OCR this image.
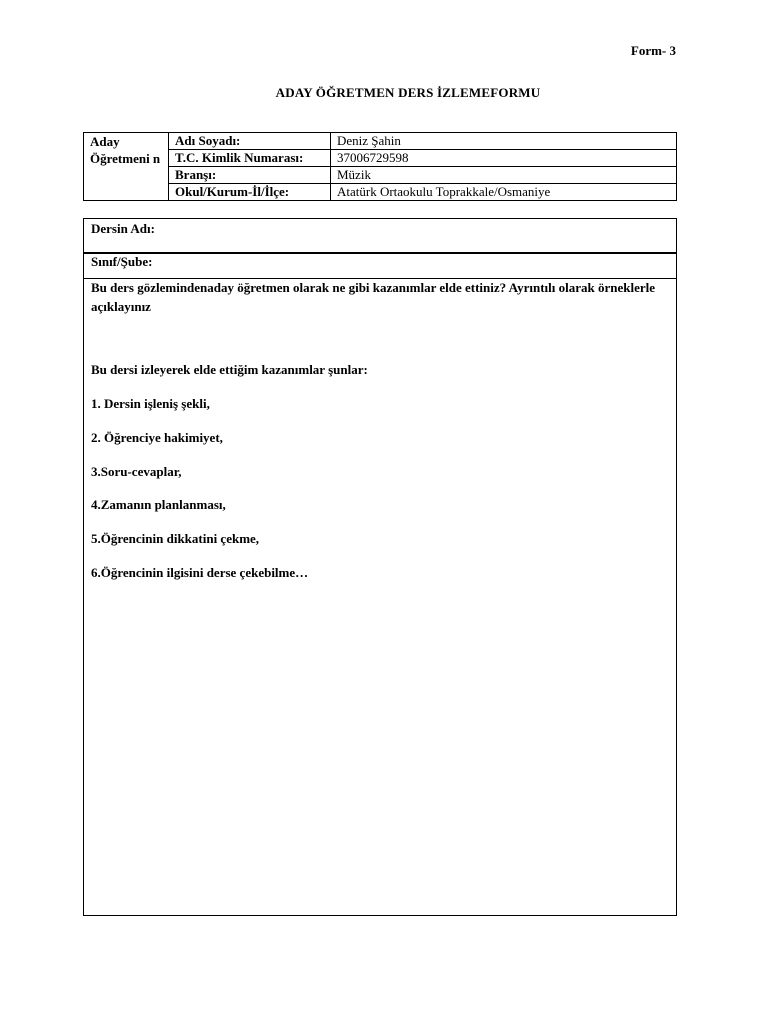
Form- 3
ADAY ÖĞRETMEN DERS İZLEMEFORMU
Aday Öğretmeni n	Adı Soyadı:	Deniz Şahin
	T.C. Kimlik Numarası:	37006729598
	Branşı:	Müzik
	Okul/Kurum-İl/İlçe:	Atatürk Ortaokulu Toprakkale/Osmaniye
Dersin Adı:
Sınıf/Şube:
Bu ders gözlemindenaday öğretmen olarak ne gibi kazanımlar elde ettiniz? Ayrıntılı olarak örneklerle açıklayınız
Bu dersi izleyerek elde ettiğim kazanımlar şunlar:
1. Dersin işleniş şekli,
2. Öğrenciye hakimiyet,
3.Soru-cevaplar,
4.Zamanın planlanması,
5.Öğrencinin dikkatini çekme,
6.Öğrencinin ilgisini derse çekebilme…
